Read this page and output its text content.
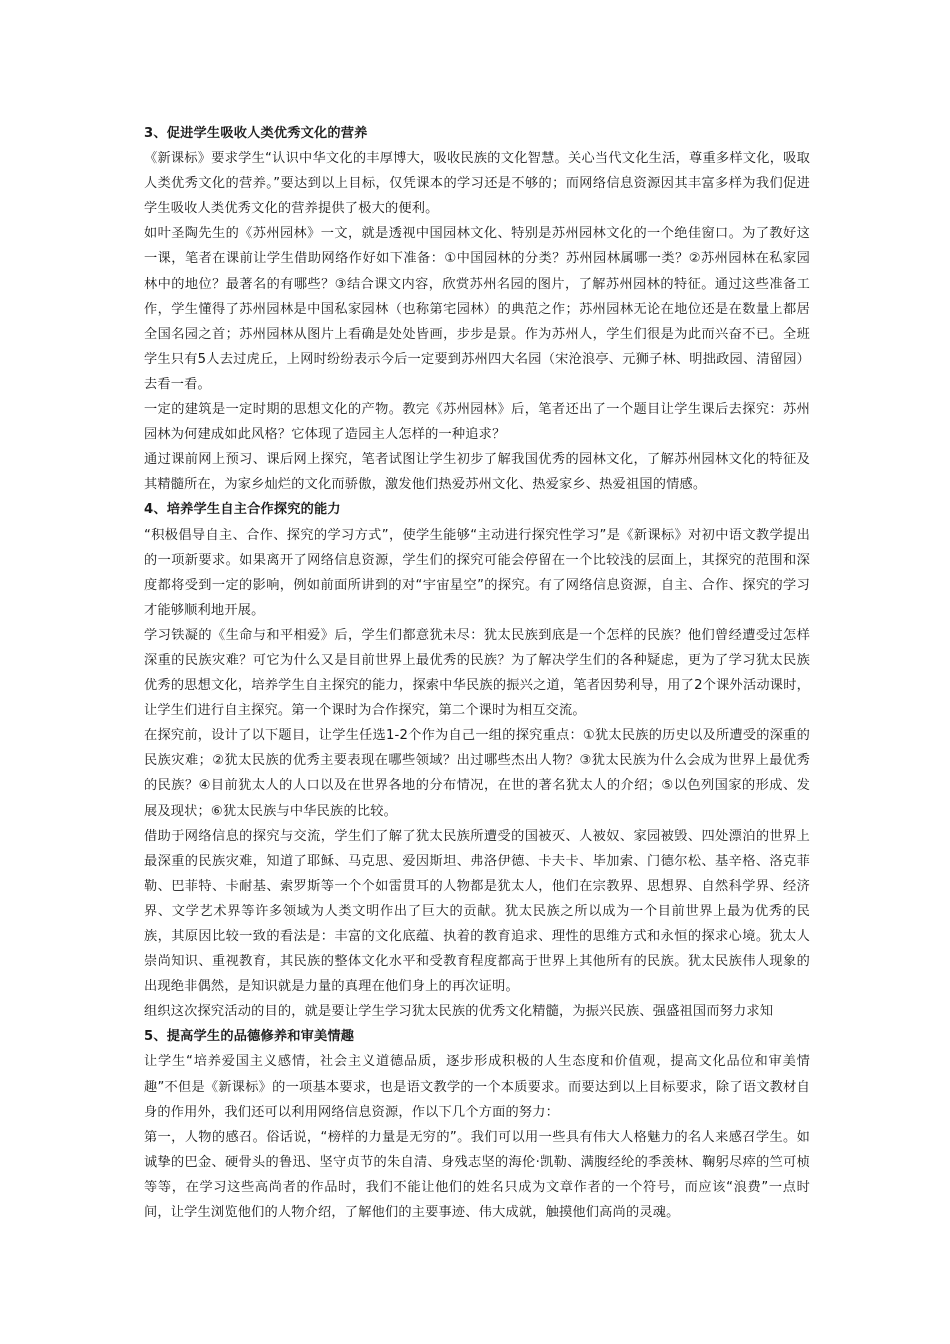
3、促进学生吸收人类优秀文化的营养

《新课标》要求学生“认识中华文化的丰厚博大，吸收民族的文化智慧。关心当代文化生活，尊重多样文化，吸取人类优秀文化的营养。”要达到以上目标，仅凭课本的学习还是不够的；而网络信息资源因其丰富多样为我们促进学生吸收人类优秀文化的营养提供了极大的便利。

如叶圣陶先生的《苏州园林》一文，就是透视中国园林文化、特别是苏州园林文化的一个绝佳窗口。为了教好这一课，笔者在课前让学生借助网络作好如下准备：①中国园林的分类？苏州园林属哪一类？②苏州园林在私家园林中的地位？最著名的有哪些？③结合课文内容，欣赏苏州名园的图片，了解苏州园林的特征。通过这些准备工作，学生懂得了苏州园林是中国私家园林（也称第宅园林）的典范之作；苏州园林无论在地位还是在数量上都居全国名园之首；苏州园林从图片上看确是处处皆画，步步是景。作为苏州人，学生们很是为此而兴奋不已。全班学生只有5人去过虎丘，上网时纷纷表示今后一定要到苏州四大名园（宋沧浪亭、元狮子林、明拙政园、清留园）去看一看。

一定的建筑是一定时期的思想文化的产物。教完《苏州园林》后，笔者还出了一个题目让学生课后去探究：苏州园林为何建成如此风格？它体现了造园主人怎样的一种追求？

通过课前网上预习、课后网上探究，笔者试图让学生初步了解我国优秀的园林文化，了解苏州园林文化的特征及其精髓所在，为家乡灿烂的文化而骄傲，激发他们热爱苏州文化、热爱家乡、热爱祖国的情感。

4、培养学生自主合作探究的能力

“积极倡导自主、合作、探究的学习方式”，使学生能够“主动进行探究性学习”是《新课标》对初中语文教学提出的一项新要求。如果离开了网络信息资源，学生们的探究可能会停留在一个比较浅的层面上，其探究的范围和深度都将受到一定的影响，例如前面所讲到的对“宇宙星空”的探究。有了网络信息资源，自主、合作、探究的学习才能够顺利地开展。

学习铁凝的《生命与和平相爱》后，学生们都意犹未尽：犹太民族到底是一个怎样的民族？他们曾经遭受过怎样深重的民族灾难？可它为什么又是目前世界上最优秀的民族？为了解决学生们的各种疑虑，更为了学习犹太民族优秀的思想文化，培养学生自主探究的能力，探索中华民族的振兴之道，笔者因势利导，用了2个课外活动课时，让学生们进行自主探究。第一个课时为合作探究，第二个课时为相互交流。

在探究前，设计了以下题目，让学生任选1-2个作为自己一组的探究重点：①犹太民族的历史以及所遭受的深重的民族灾难；②犹太民族的优秀主要表现在哪些领域？出过哪些杰出人物？③犹太民族为什么会成为世界上最优秀的民族？④目前犹太人的人口以及在世界各地的分布情况，在世的著名犹太人的介绍；⑤以色列国家的形成、发展及现状；⑥犹太民族与中华民族的比较。

借助于网络信息的探究与交流，学生们了解了犹太民族所遭受的国被灭、人被奴、家园被毁、四处漂泊的世界上最深重的民族灾难，知道了耶稣、马克思、爱因斯坦、弗洛伊德、卡夫卡、毕加索、门德尔松、基辛格、洛克菲勒、巴菲特、卡耐基、索罗斯等一个个如雷贯耳的人物都是犹太人，他们在宗教界、思想界、自然科学界、经济界、文学艺术界等许多领域为人类文明作出了巨大的贡献。犹太民族之所以成为一个目前世界上最为优秀的民族，其原因比较一致的看法是：丰富的文化底蕴、执着的教育追求、理性的思维方式和永恒的探求心境。犹太人崇尚知识、重视教育，其民族的整体文化水平和受教育程度都高于世界上其他所有的民族。犹太民族伟人现象的出现绝非偶然，是知识就是力量的真理在他们身上的再次证明。

组织这次探究活动的目的，就是要让学生学习犹太民族的优秀文化精髓，为振兴民族、强盛祖国而努力求知

5、提高学生的品德修养和审美情趣

让学生“培养爱国主义感情，社会主义道德品质，逐步形成积极的人生态度和价值观，提高文化品位和审美情趣”不但是《新课标》的一项基本要求，也是语文教学的一个本质要求。而要达到以上目标要求，除了语文教材自身的作用外，我们还可以利用网络信息资源，作以下几个方面的努力：

第一，人物的感召。俗话说，“榜样的力量是无穷的”。我们可以用一些具有伟大人格魅力的名人来感召学生。如诚挚的巴金、硬骨头的鲁迅、坚守贞节的朱自清、身残志坚的海伦·凯勒、满腹经纶的季羡林、鞠躬尽瘁的竺可桢等等，在学习这些高尚者的作品时，我们不能让他们的姓名只成为文章作者的一个符号，而应该“浪费”一点时间，让学生浏览他们的人物介绍，了解他们的主要事迹、伟大成就，触摸他们高尚的灵魂。
